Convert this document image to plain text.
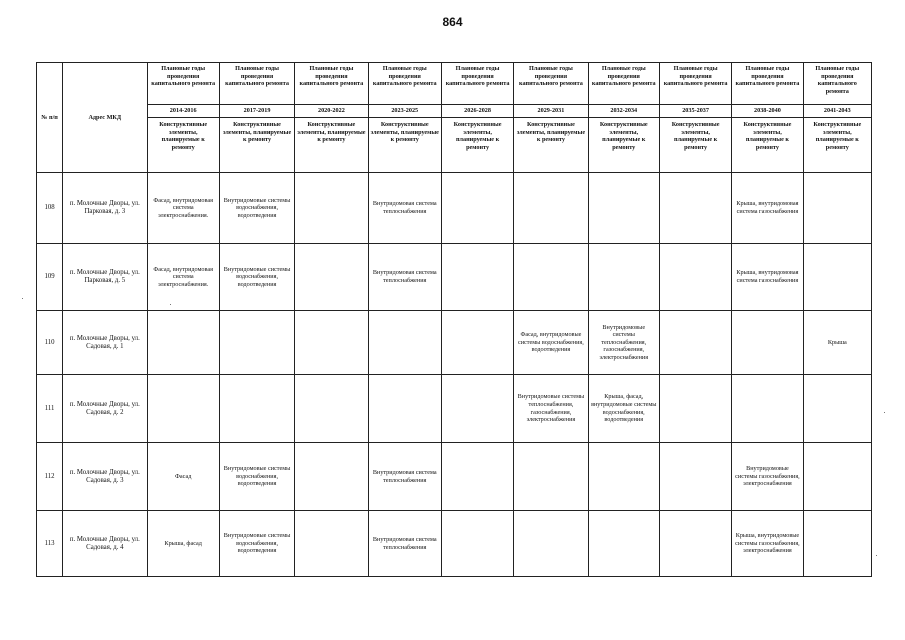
864
№ п/п	Адрес МКД	Плановые годы проведения капитального ремонта	Плановые годы проведения капитального ремонта	Плановые годы проведения капитального ремонта	Плановые годы проведения капитального ремонта	Плановые годы проведения капитального ремонта	Плановые годы проведения капитального ремонта	Плановые годы проведения капитального ремонта	Плановые годы проведения капитального ремонта	Плановые годы проведения капитального ремонта	Плановые годы проведения капитального ремонта
		2014-2016	2017-2019	2020-2022	2023-2025	2026-2028	2029-2031	2032-2034	2035-2037	2038-2040	2041-2043
		Конструктивные элементы, планируемые к ремонту	Конструктивные элементы, планируемые к ремонту	Конструктивные элементы, планируемые к ремонту	Конструктивные элементы, планируемые к ремонту	Конструктивные элементы, планируемые к ремонту	Конструктивные элементы, планируемые к ремонту	Конструктивные элементы, планируемые к ремонту	Конструктивные элементы, планируемые к ремонту	Конструктивные элементы, планируемые к ремонту	Конструктивные элементы, планируемые к ремонту
108	п. Молочные Дворы, ул. Парковая, д. 3	Фасад, внутридомовая система электроснабжения.	Внутридомовые системы водоснабжения, водоотведения		Внутридомовая система теплоснабжения					Крыша, внутридомовая система газоснабжения	
109	п. Молочные Дворы, ул. Парковая, д. 5	Фасад, внутридомовая система электроснабжения.	Внутридомовые системы водоснабжения, водоотведения		Внутридомовая система теплоснабжения					Крыша, внутридомовая система газоснабжения	
110	п. Молочные Дворы, ул. Садовая, д. 1						Фасад, внутридомовые системы водоснабжения, водоотведения	Внутридомовые системы теплоснабжения, газоснабжения, электроснабжения			Крыша
111	п. Молочные Дворы, ул. Садовая, д. 2						Внутридомовые системы теплоснабжения, газоснабжения, электроснабжения	Крыша, фасад, внутридомовые системы водоснабжения, водоотведения			
112	п. Молочные Дворы, ул. Садовая, д. 3	Фасад	Внутридомовые системы водоснабжения, водоотведения		Внутридомовая система теплоснабжения					Внутридомовые системы газоснабжения, электроснабжения	
113	п. Молочные Дворы, ул. Садовая, д. 4	Крыша, фасад	Внутридомовые системы водоснабжения, водоотведения		Внутридомовая система теплоснабжения					Крыша, внутридомовые системы газоснабжения, электроснабжения	
